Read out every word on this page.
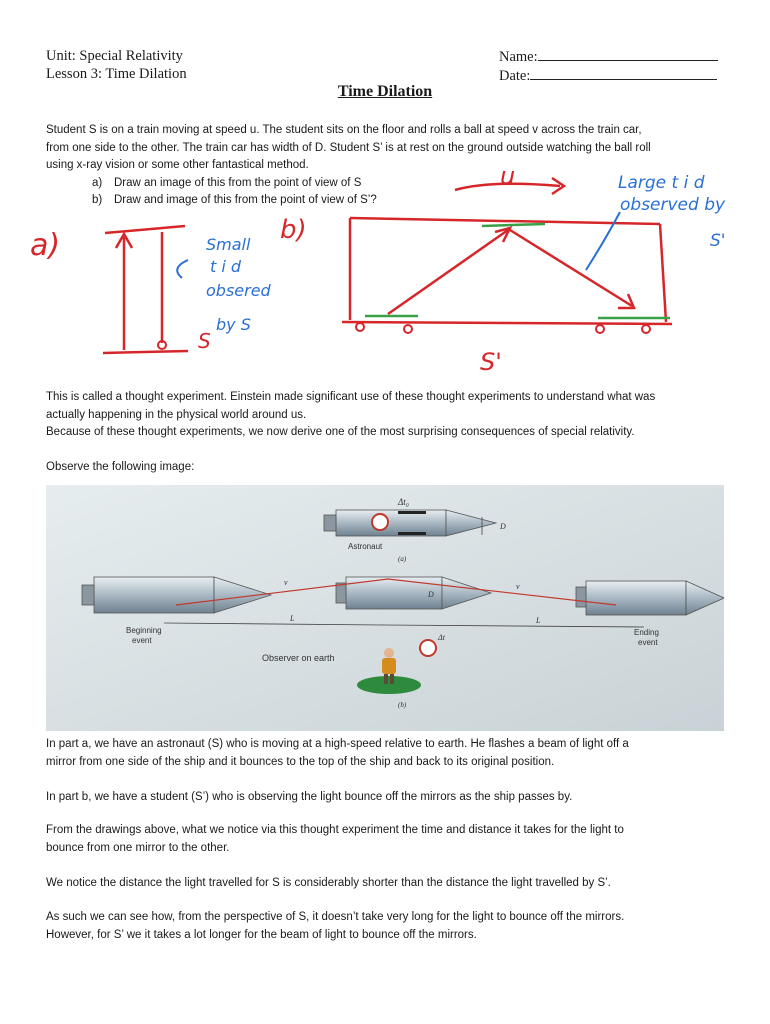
Unit: Special Relativity
Lesson 3: Time Dilation
Name:
Date:
Time Dilation

Student S is on a train moving at speed u. The student sits on the floor and rolls a ball at speed v across the train car,

from one side to the other. The train car has width of D. Student S’ is at rest on the ground outside watching the ball roll

using x-ray vision or some other fantastical method.

a) Draw an image of this from the point of view of S
b) Draw and image of this from the point of view of S’?
a)
S
Small
t i d
obsered
by S
b)
u
S'
Large t i d
observed by
S'

This is called a thought experiment. Einstein made significant use of these thought experiments to understand what was

actually happening in the physical world around us.

Because of these thought experiments, we now derive one of the most surprising consequences of special relativity.

Observe the following image:
Δt₀
D
Astronaut
(a)
v	v
D
L	L
Beginning
event
Ending
event
Δt
Observer on earth
(b)

In part a, we have an astronaut (S) who is moving at a high-speed relative to earth. He flashes a beam of light off a

mirror from one side of the ship and it bounces to the top of the ship and back to its original position.

In part b, we have a student (S’) who is observing the light bounce off the mirrors as the ship passes by.

From the drawings above, what we notice via this thought experiment the time and distance it takes for the light to

bounce from one mirror to the other.

We notice the distance the light travelled for S is considerably shorter than the distance the light travelled by S’.

As such we can see how, from the perspective of S, it doesn’t take very long for the light to bounce off the mirrors.

However, for S’ we it takes a lot longer for the beam of light to bounce off the mirrors.
